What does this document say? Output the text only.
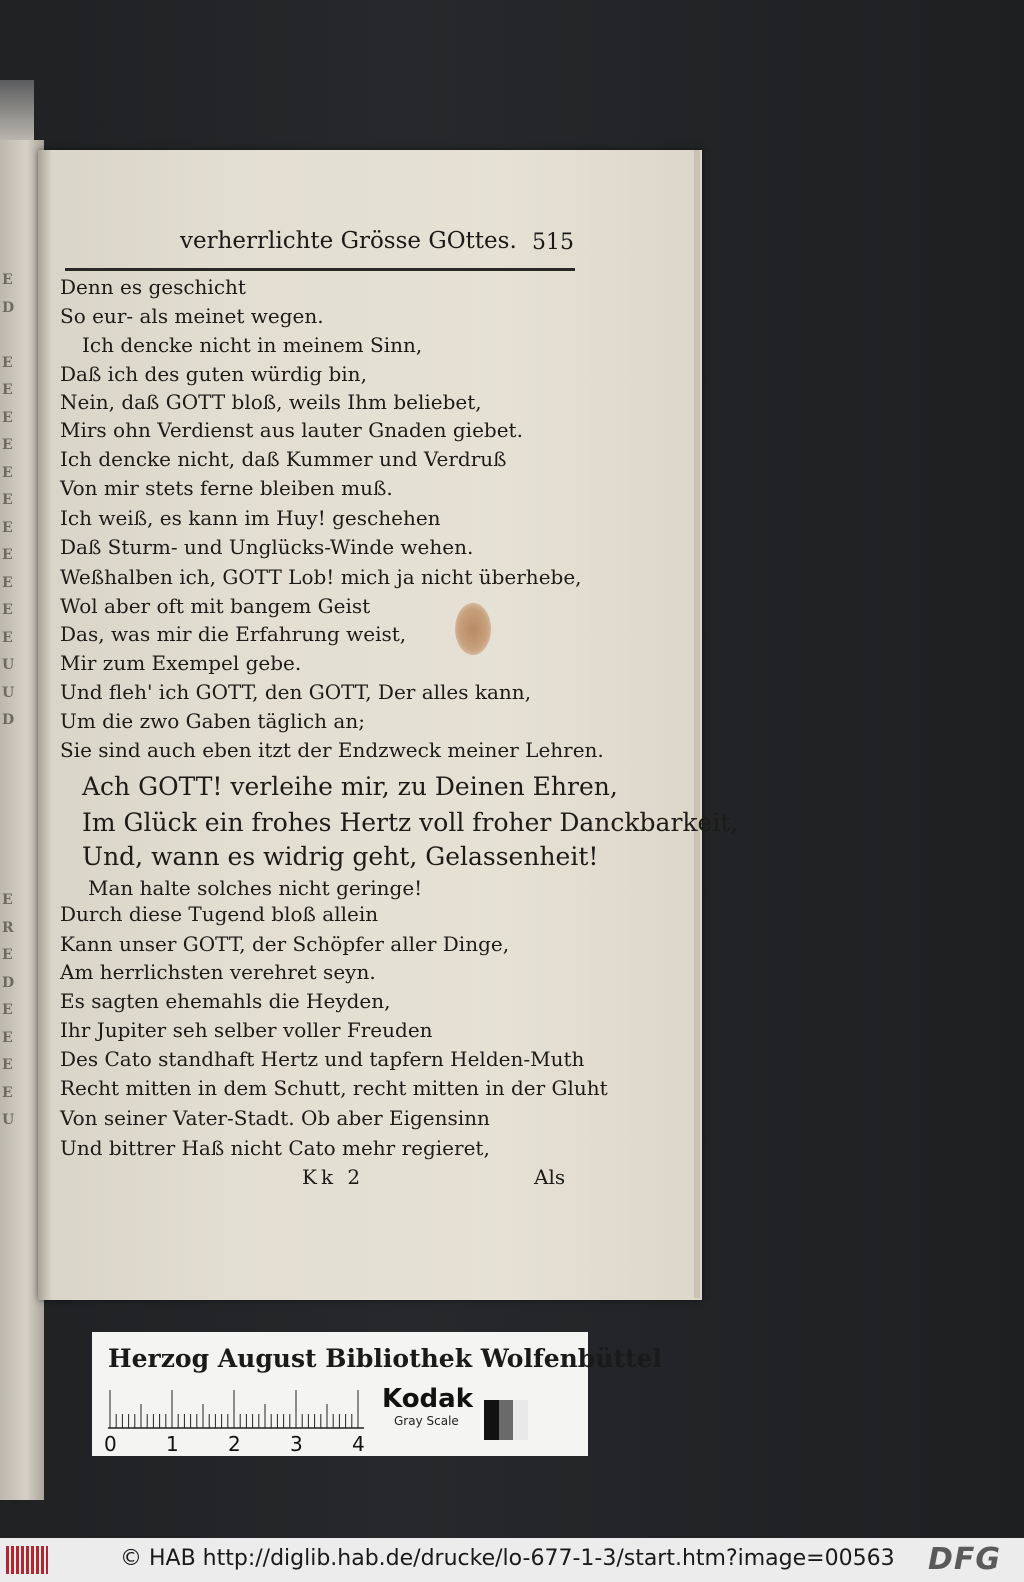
E
D
E
E
E
E
E
E
E
E
E
E
E
U
U
D
E
R
E
D
E
E
E
E
U
verherrlichte Grösse GOttes. 515
Denn es geschicht
So eur- als meinet wegen.
Ich dencke nicht in meinem Sinn,
Daß ich des guten würdig bin,
Nein, daß GOTT bloß, weils Ihm beliebet,
Mirs ohn Verdienst aus lauter Gnaden giebet.
Ich dencke nicht, daß Kummer und Verdruß
Von mir stets ferne bleiben muß.
Ich weiß, es kann im Huy! geschehen
Daß Sturm- und Unglücks-Winde wehen.
Weßhalben ich, GOTT Lob! mich ja nicht überhebe,
Wol aber oft mit bangem Geist
Das, was mir die Erfahrung weist,
Mir zum Exempel gebe.
Und fleh' ich GOTT, den GOTT, Der alles kann,
Um die zwo Gaben täglich an;
Sie sind auch eben itzt der Endzweck meiner Lehren.
Ach GOTT! verleihe mir, zu Deinen Ehren,
Im Glück ein frohes Hertz voll froher Danckbarkeit,
Und, wann es widrig geht, Gelassenheit!
Man halte solches nicht geringe!
Durch diese Tugend bloß allein
Kann unser GOTT, der Schöpfer aller Dinge,
Am herrlichsten verehret seyn.
Es sagten ehemahls die Heyden,
Ihr Jupiter seh selber voller Freuden
Des Cato standhaft Hertz und tapfern Helden-Muth
Recht mitten in dem Schutt, recht mitten in der Gluht
Von seiner Vater-Stadt. Ob aber Eigensinn
Und bittrer Haß nicht Cato mehr regieret,
Kk 2	Als
Herzog August Bibliothek Wolfenbüttel
0 1 2 3 4
Kodak
Gray Scale
© HAB http://diglib.hab.de/drucke/lo-677-1-3/start.htm?image=00563 DFG
